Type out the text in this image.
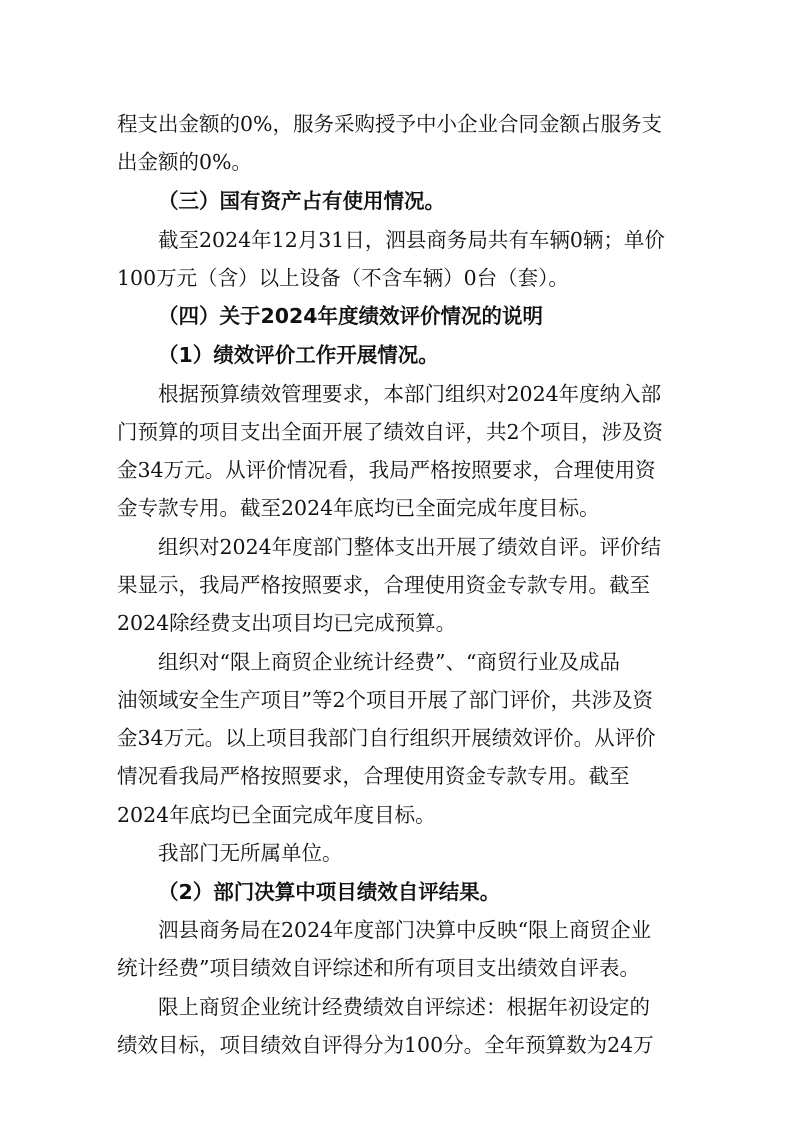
程支出金额的0%，服务采购授予中小企业合同金额占服务支
出金额的0%。
（三）国有资产占有使用情况。
截至2024年12月31日，泗县商务局共有车辆0辆；单价
100万元（含）以上设备（不含车辆）0台（套）。
（四）关于2024年度绩效评价情况的说明
（1）绩效评价工作开展情况。
根据预算绩效管理要求，本部门组织对2024年度纳入部
门预算的项目支出全面开展了绩效自评，共2个项目，涉及资
金34万元。从评价情况看，我局严格按照要求，合理使用资
金专款专用。截至2024年底均已全面完成年度目标。
组织对2024年度部门整体支出开展了绩效自评。评价结
果显示，我局严格按照要求，合理使用资金专款专用。截至
2024除经费支出项目均已完成预算。
组织对“限上商贸企业统计经费”、“商贸行业及成品
油领域安全生产项目”等2个项目开展了部门评价，共涉及资
金34万元。以上项目我部门自行组织开展绩效评价。从评价
情况看我局严格按照要求，合理使用资金专款专用。截至
2024年底均已全面完成年度目标。
我部门无所属单位。
（2）部门决算中项目绩效自评结果。
泗县商务局在2024年度部门决算中反映“限上商贸企业
统计经费”项目绩效自评综述和所有项目支出绩效自评表。
限上商贸企业统计经费绩效自评综述：根据年初设定的
绩效目标，项目绩效自评得分为100分。全年预算数为24万
